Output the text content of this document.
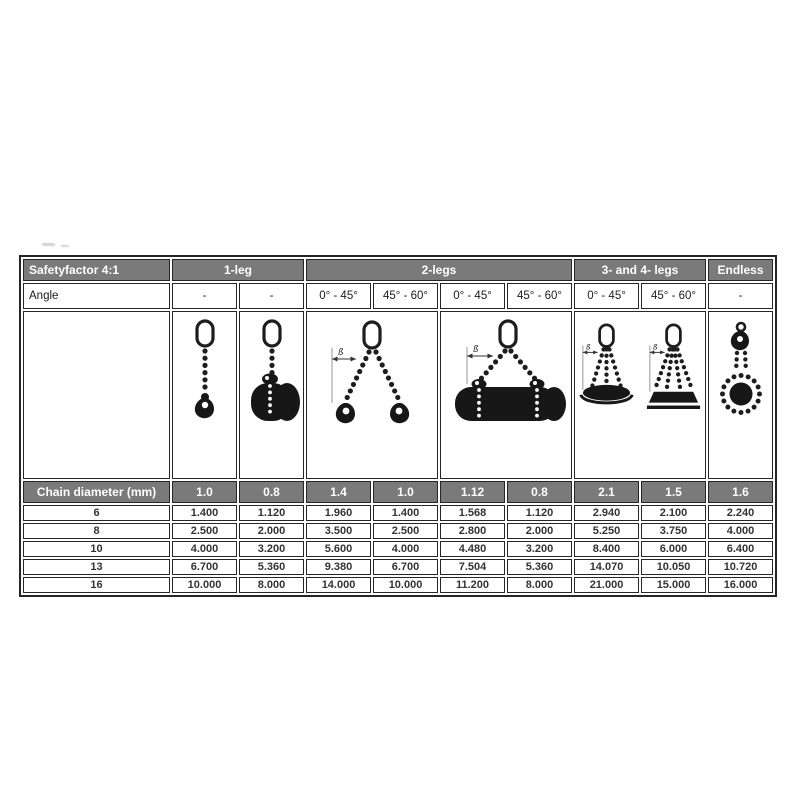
Safetyfactor 4:1	1-leg		2-legs				3- and 4- legs		Endless
Angle	-	-	0° - 45°	45° - 60°	0° - 45°	45° - 60°	0° - 45°	45° - 60°	-

ß		ß		ß ß

Chain diameter (mm)	1.0	0.8	1.4	1.0	1.12	0.8	2.1	1.5	1.6
6	1.400	1.120	1.960	1.400	1.568	1.120	2.940	2.100	2.240
8	2.500	2.000	3.500	2.500	2.800	2.000	5.250	3.750	4.000
10	4.000	3.200	5.600	4.000	4.480	3.200	8.400	6.000	6.400
13	6.700	5.360	9.380	6.700	7.504	5.360	14.070	10.050	10.720
16	10.000	8.000	14.000	10.000	11.200	8.000	21.000	15.000	16.000
